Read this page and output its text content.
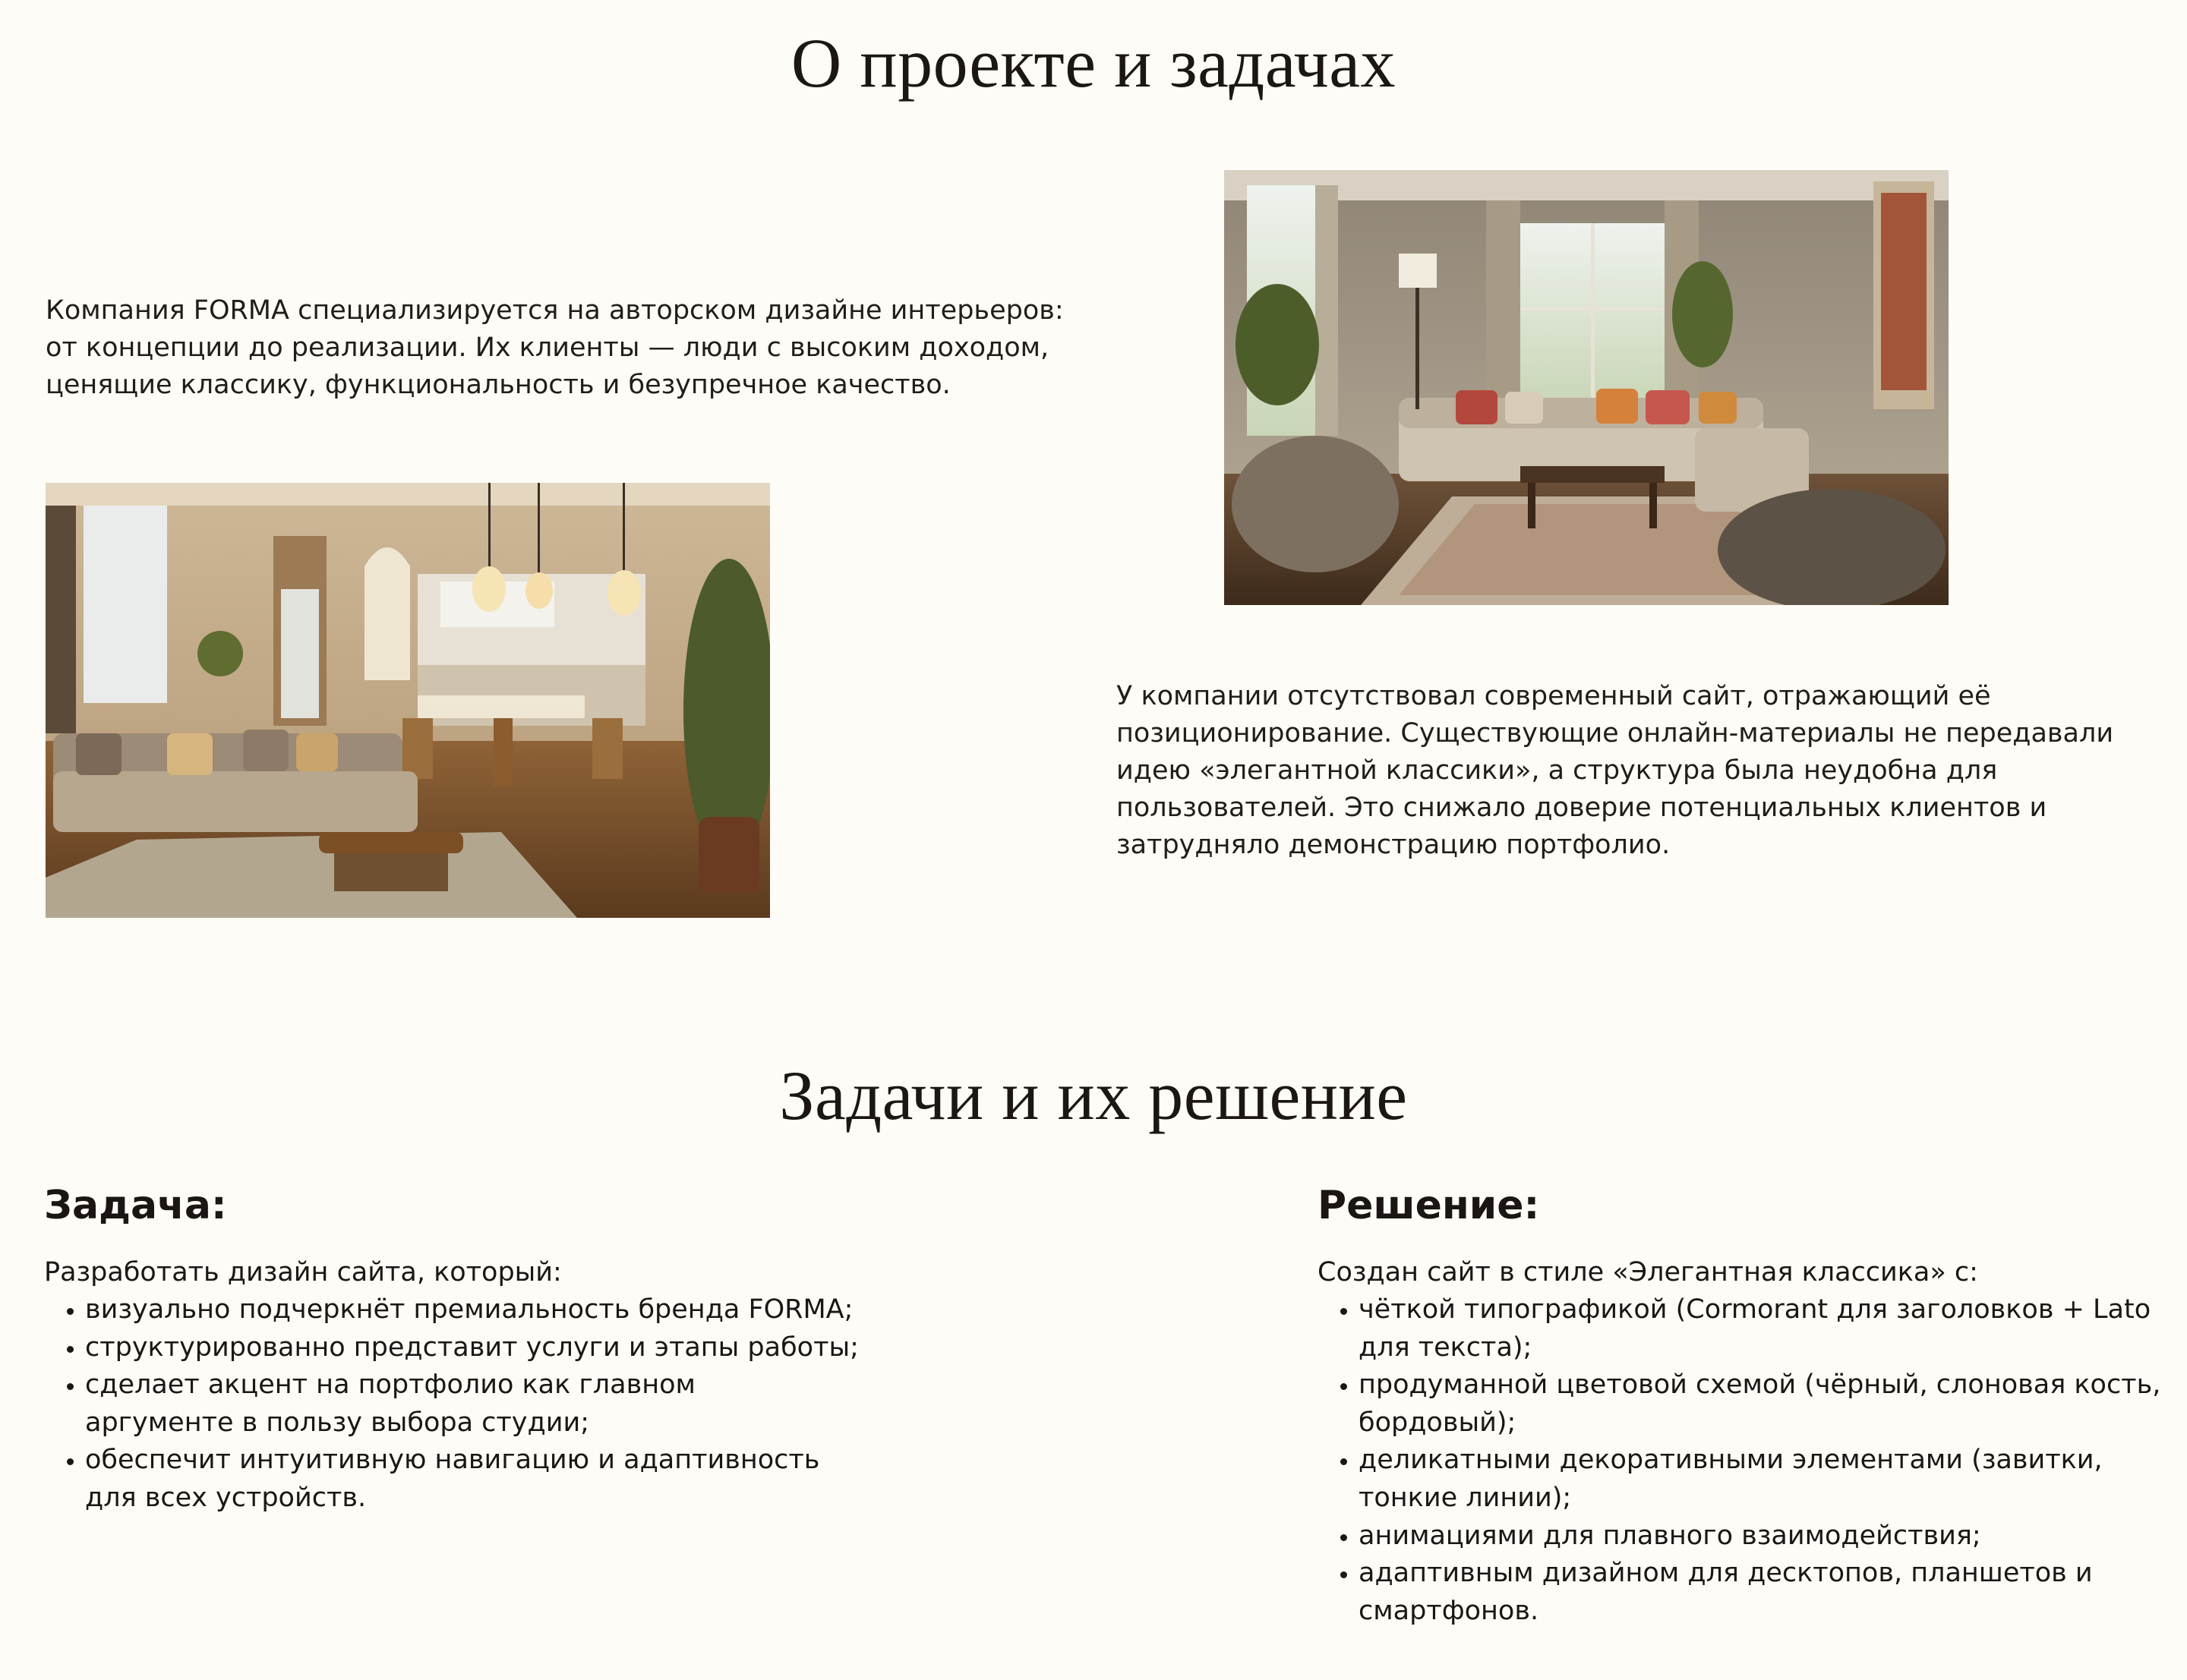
О проекте и задачах

Компания FORMA специализируется на авторском дизайне интерьеров: от концепции до реализации. Их клиенты — люди с высоким доходом, ценящие классику, функциональность и безупречное качество.

У компании отсутствовал современный сайт, отражающий её позиционирование. Существующие онлайн-материалы не передавали идею «элегантной классики», а структура была неудобна для пользователей. Это снижало доверие потенциальных клиентов и затрудняло демонстрацию портфолио.

Задачи и их решение
Задача:

Разработать дизайн сайта, который:

• визуально подчеркнёт премиальность бренда FORMA;
• структурированно представит услуги и этапы работы;
• сделает акцент на портфолио как главном аргументе в пользу выбора студии;
• обеспечит интуитивную навигацию и адаптивность для всех устройств.
Решение:

Создан сайт в стиле «Элегантная классика» с:

• чёткой типографикой (Cormorant для заголовков + Lato для текста);
• продуманной цветовой схемой (чёрный, слоновая кость, бордовый);
• деликатными декоративными элементами (завитки, тонкие линии);
• анимациями для плавного взаимодействия;
• адаптивным дизайном для десктопов, планшетов и смартфонов.
